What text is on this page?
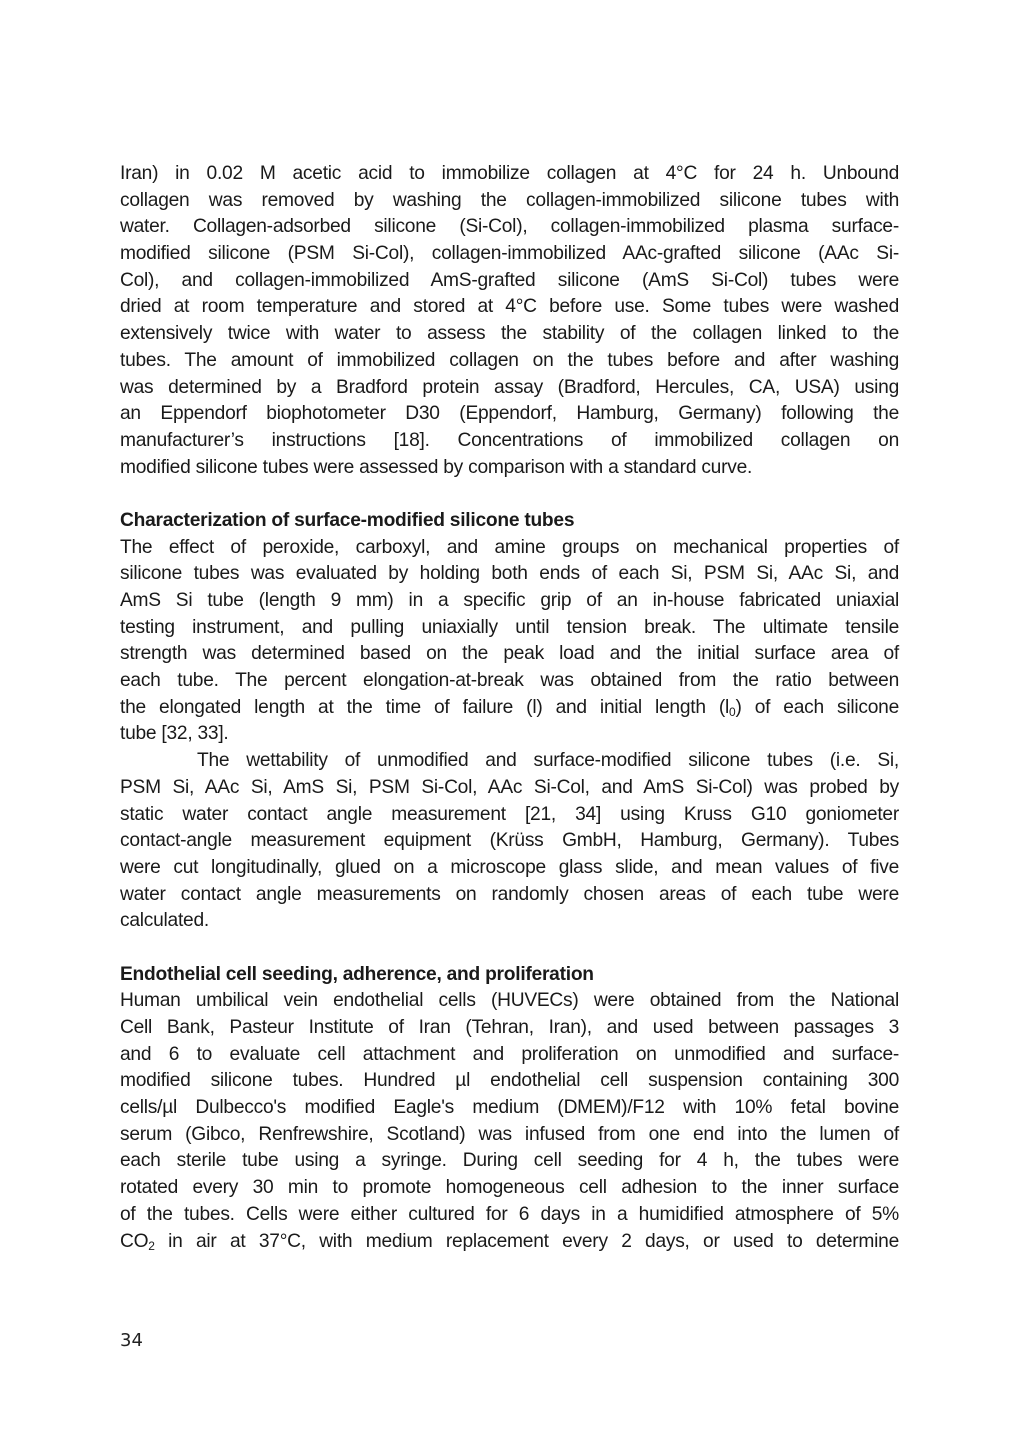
Iran) in 0.02 M acetic acid to immobilize collagen at 4°C for 24 h. Unbound
collagen was removed by washing the collagen-immobilized silicone tubes with
water. Collagen-adsorbed silicone (Si-Col), collagen-immobilized plasma surface-
modified silicone (PSM Si-Col), collagen-immobilized AAc-grafted silicone (AAc Si-
Col), and collagen-immobilized AmS-grafted silicone (AmS Si-Col) tubes were
dried at room temperature and stored at 4°C before use. Some tubes were washed
extensively twice with water to assess the stability of the collagen linked to the
tubes. The amount of immobilized collagen on the tubes before and after washing
was determined by a Bradford protein assay (Bradford, Hercules, CA, USA) using
an Eppendorf biophotometer D30 (Eppendorf, Hamburg, Germany) following the
manufacturer’s instructions [18]. Concentrations of immobilized collagen on
modified silicone tubes were assessed by comparison with a standard curve.
Characterization of surface-modified silicone tubes
The effect of peroxide, carboxyl, and amine groups on mechanical properties of
silicone tubes was evaluated by holding both ends of each Si, PSM Si, AAc Si, and
AmS Si tube (length 9 mm) in a specific grip of an in-house fabricated uniaxial
testing instrument, and pulling uniaxially until tension break. The ultimate tensile
strength was determined based on the peak load and the initial surface area of
each tube. The percent elongation-at-break was obtained from the ratio between
the elongated length at the time of failure (l) and initial length $(l_0)$ of each silicone
tube [32, 33].
The wettability of unmodified and surface-modified silicone tubes (i.e. Si,
PSM Si, AAc Si, AmS Si, PSM Si-Col, AAc Si-Col, and AmS Si-Col) was probed by
static water contact angle measurement [21, 34] using Kruss G10 goniometer
contact-angle measurement equipment (Krüss GmbH, Hamburg, Germany). Tubes
were cut longitudinally, glued on a microscope glass slide, and mean values of five
water contact angle measurements on randomly chosen areas of each tube were
calculated.
Endothelial cell seeding, adherence, and proliferation
Human umbilical vein endothelial cells (HUVECs) were obtained from the National
Cell Bank, Pasteur Institute of Iran (Tehran, Iran), and used between passages 3
and 6 to evaluate cell attachment and proliferation on unmodified and surface-
modified silicone tubes. Hundred µl endothelial cell suspension containing 300
cells/µl Dulbecco's modified Eagle's medium (DMEM)/F12 with 10% fetal bovine
serum (Gibco, Renfrewshire, Scotland) was infused from one end into the lumen of
each sterile tube using a syringe. During cell seeding for 4 h, the tubes were
rotated every 30 min to promote homogeneous cell adhesion to the inner surface
of the tubes. Cells were either cultured for 6 days in a humidified atmosphere of 5%
$CO_2$ in air at 37°C, with medium replacement every 2 days, or used to determine
34
